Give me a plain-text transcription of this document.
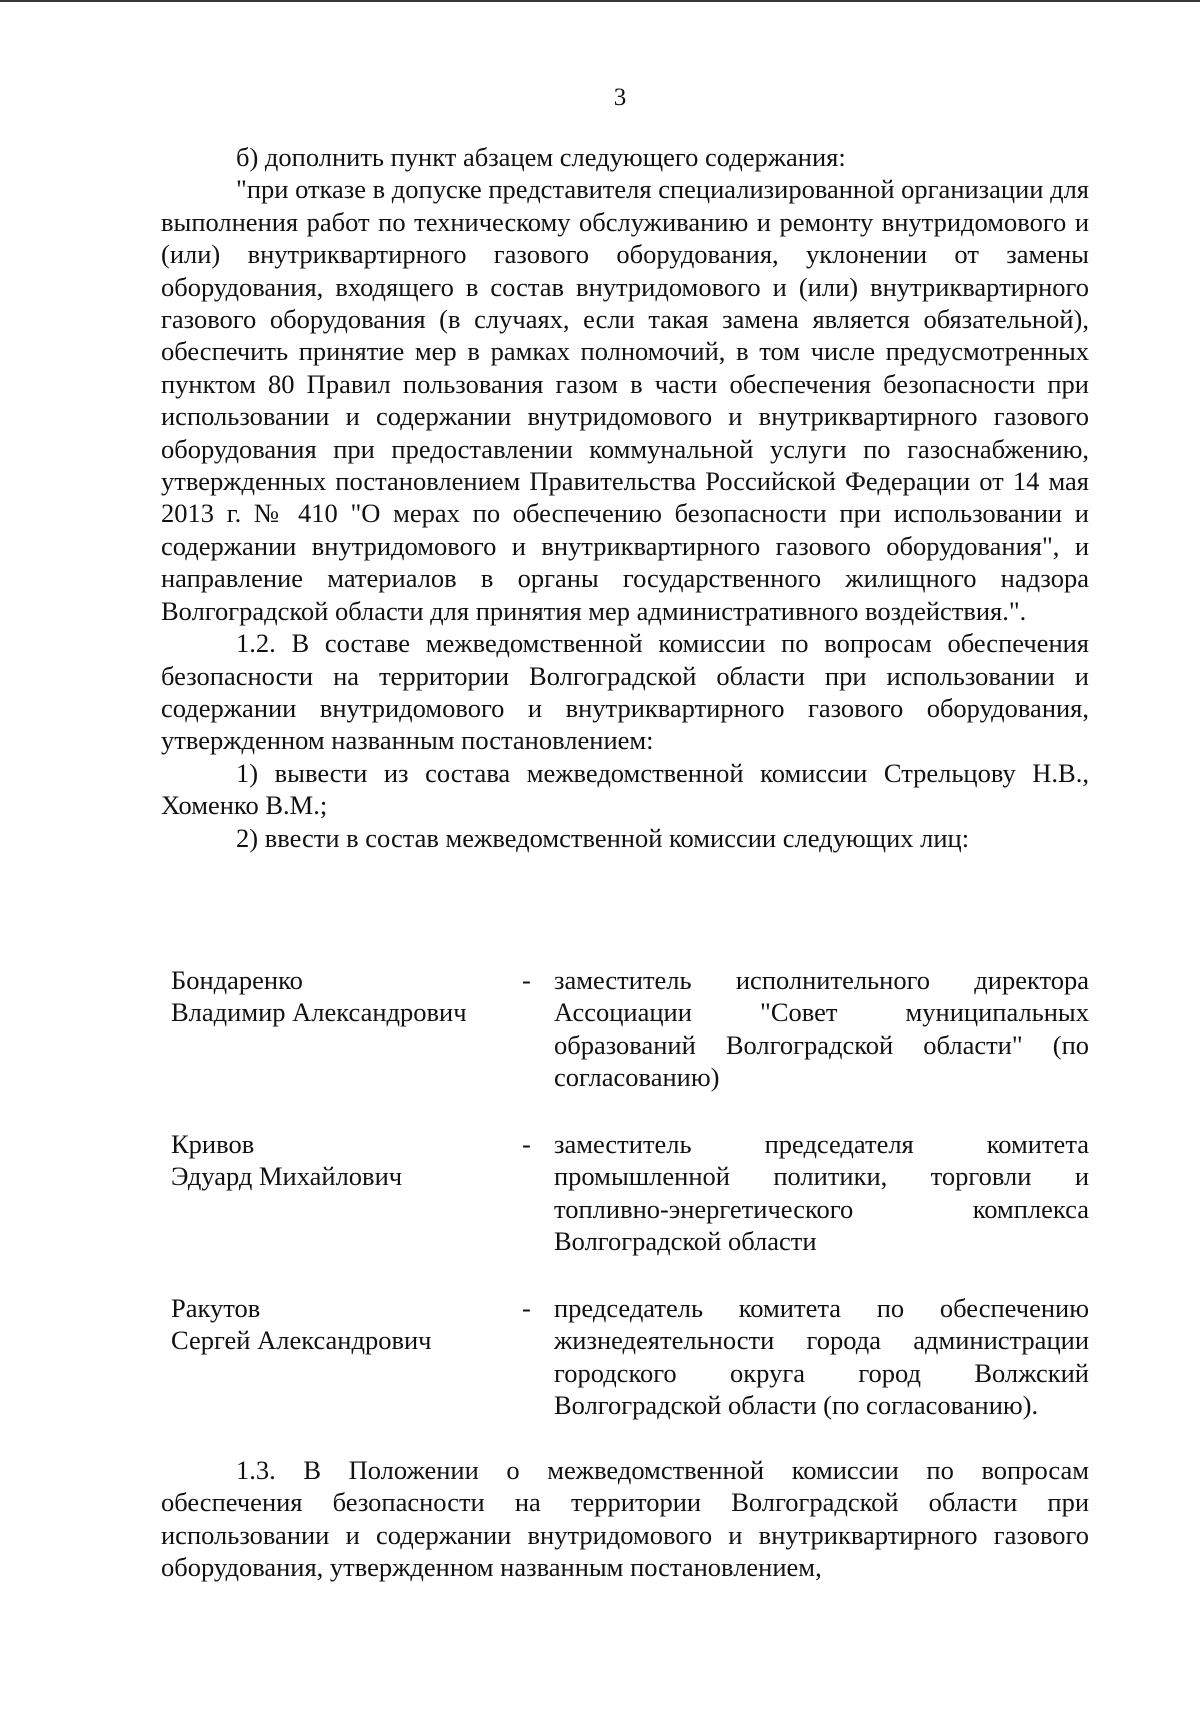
3

б) дополнить пункт абзацем следующего содержания:

"при отказе в допуске представителя специализированной организации для выполнения работ по техническому обслуживанию и ремонту внутридомового и (или) внутриквартирного газового оборудования, уклонении от замены оборудования, входящего в состав внутридомового и (или) внутриквартирного газового оборудования (в случаях, если такая замена является обязательной), обеспечить принятие мер в рамках полномочий, в том числе предусмотренных пунктом 80 Правил пользования газом в части обеспечения безопасности при использовании и содержании внутридомового и внутриквартирного газового оборудования при предоставлении коммунальной услуги по газоснабжению, утвержденных постановлением Правительства Российской Федерации от 14 мая 2013 г. № 410 "О мерах по обеспечению безопасности при использовании и содержании внутридомового и внутриквартирного газового оборудования", и направление материалов в органы государственного жилищного надзора Волгоградской области для принятия мер административного воздействия.".

1.2. В составе межведомственной комиссии по вопросам обеспечения безопасности на территории Волгоградской области при использовании и содержании внутридомового и внутриквартирного газового оборудования, утвержденном названным постановлением:

1) вывести из состава межведомственной комиссии Стрельцову Н.В., Хоменко В.М.;

2) ввести в состав межведомственной комиссии следующих лиц:

Бондаренко
Владимир Александрович
- заместитель исполнительного директора Ассоциации "Совет муниципальных образований Волгоградской области" (по согласованию)
Кривов
Эдуард Михайлович
- заместитель председателя комитета промышленной политики, торговли и топливно-энергетического комплекса Волгоградской области
Ракутов
Сергей Александрович
- председатель комитета по обеспечению жизнедеятельности города администрации городского округа город Волжский Волгоградской области (по согласованию).

1.3. В Положении о межведомственной комиссии по вопросам обеспечения безопасности на территории Волгоградской области при использовании и содержании внутридомового и внутриквартирного газового оборудования, утвержденном названным постановлением,
